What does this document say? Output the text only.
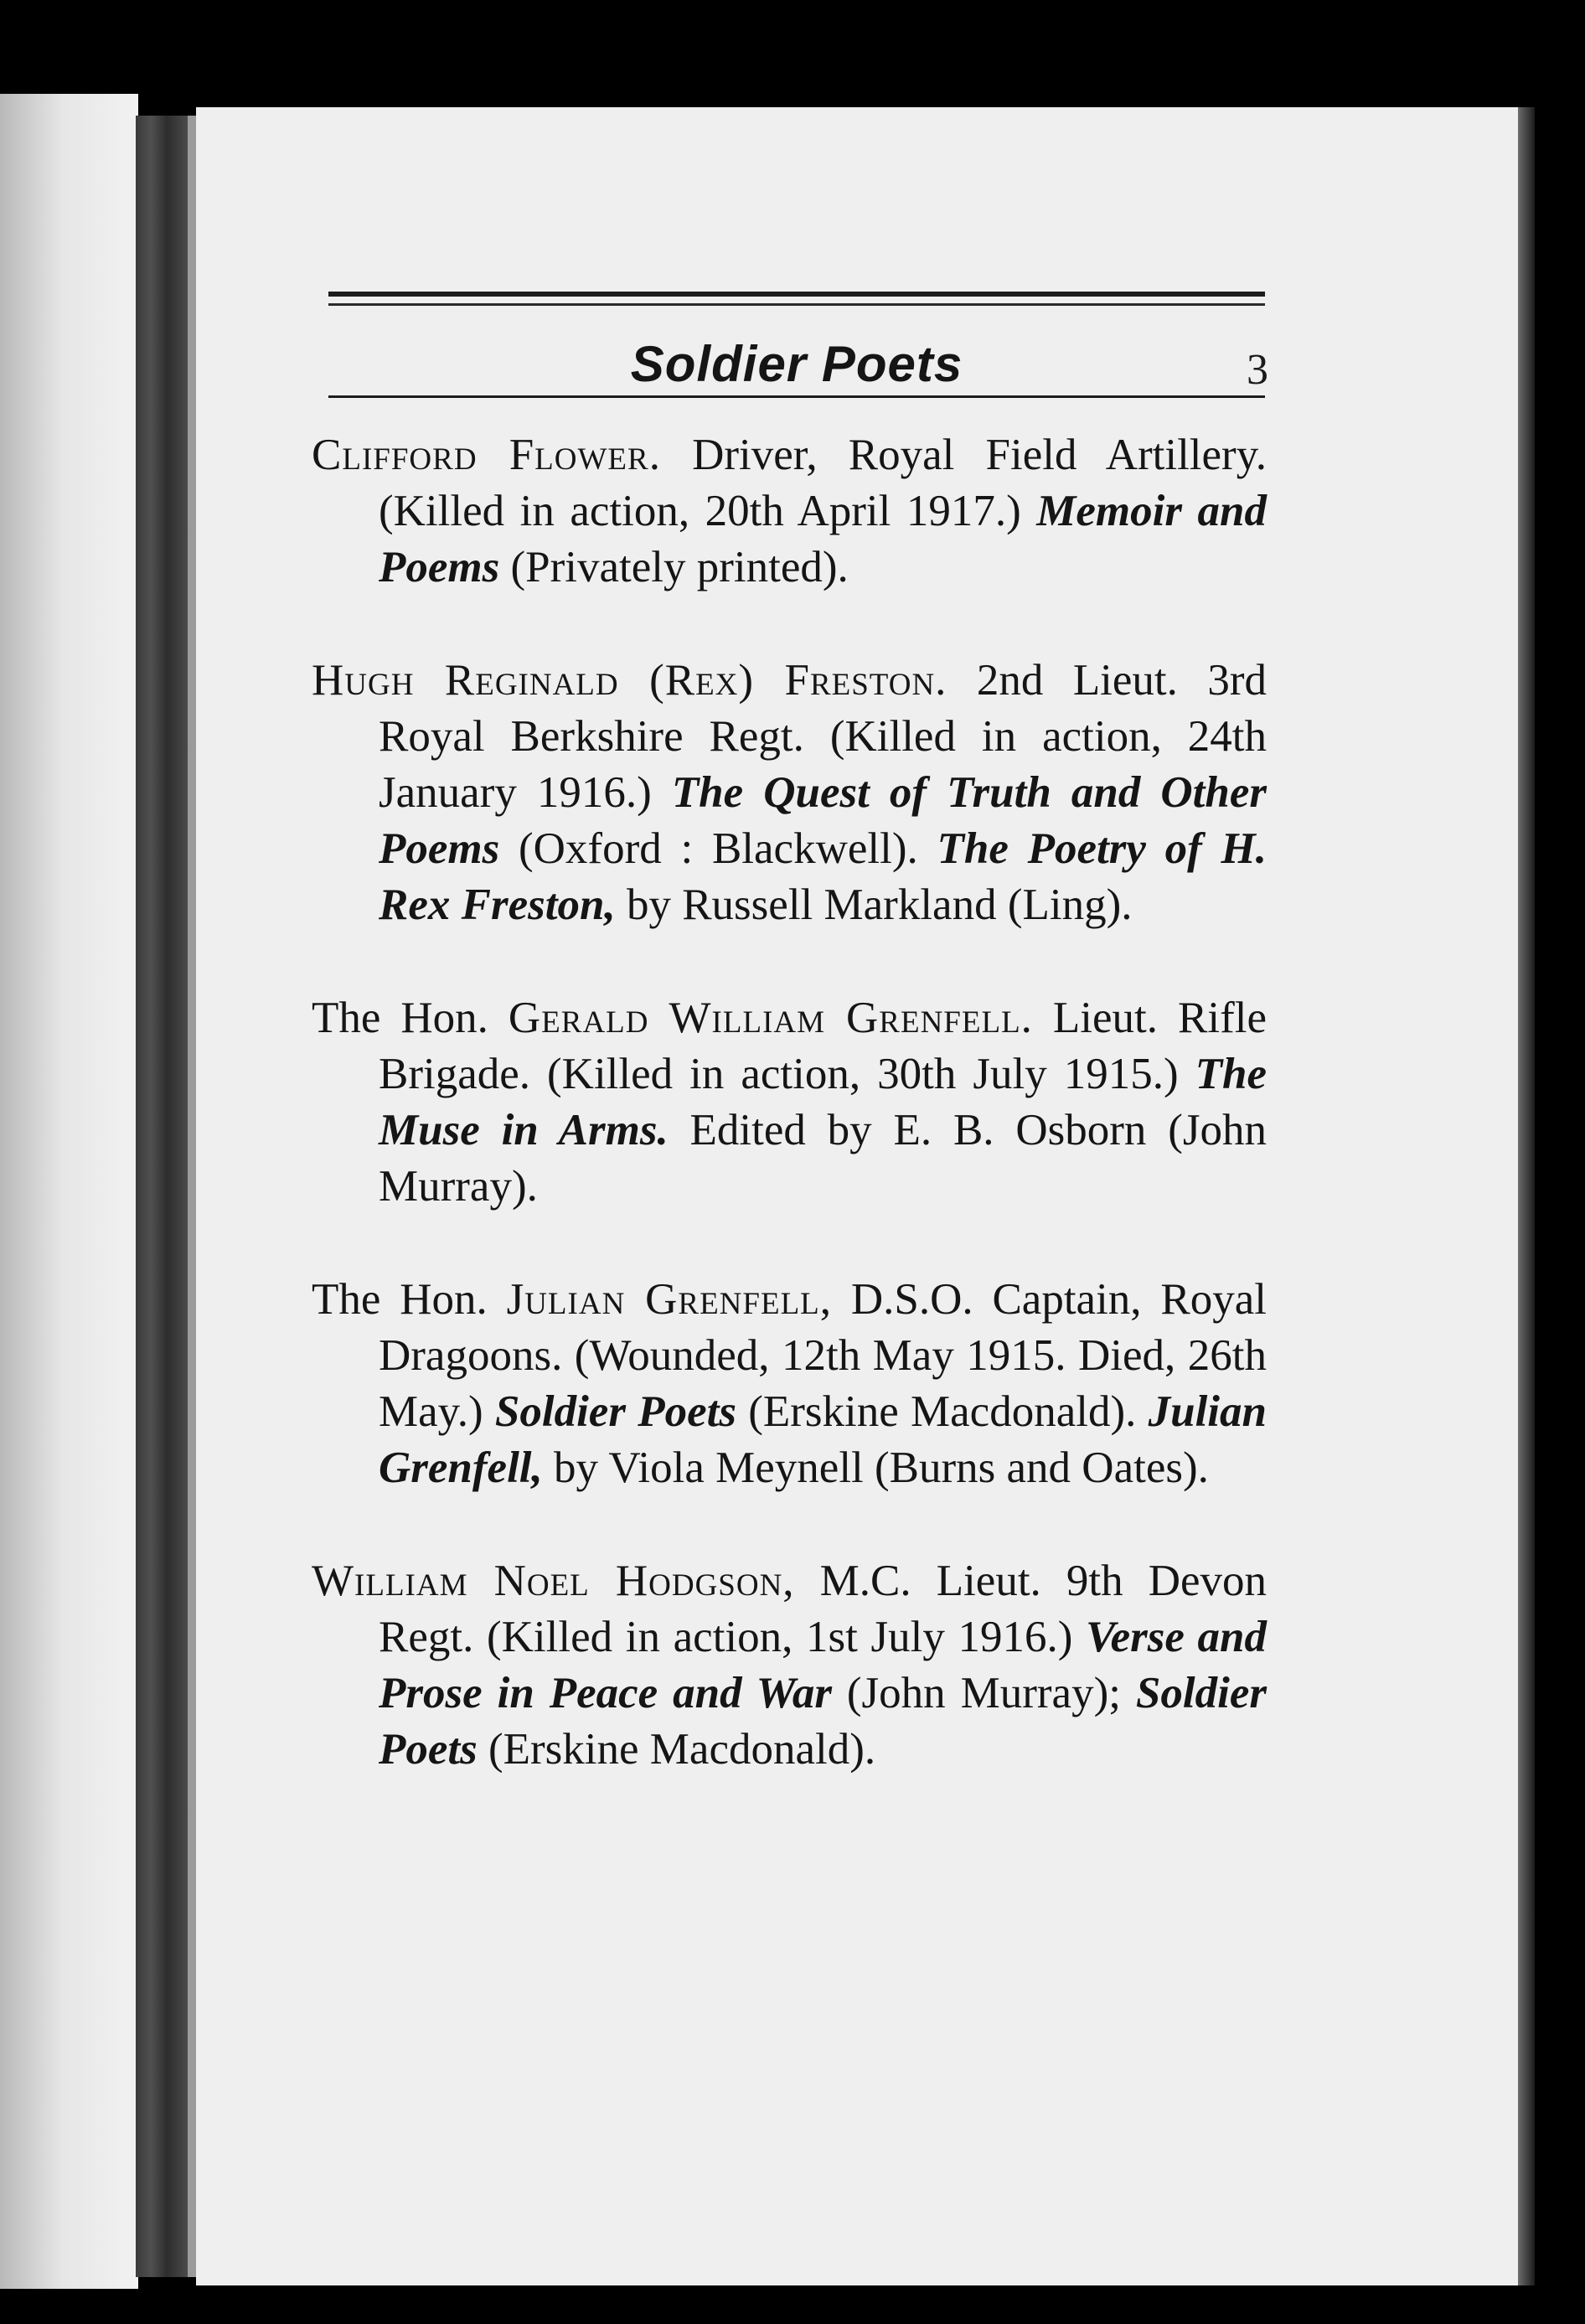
Soldier Poets	3

Clifford Flower. Driver, Royal Field Artillery. (Killed in action, 20th April 1917.) Memoir and Poems (Privately printed).

Hugh Reginald (Rex) Freston. 2nd Lieut. 3rd Royal Berkshire Regt. (Killed in action, 24th January 1916.) The Quest of Truth and Other Poems (Oxford : Blackwell). The Poetry of H. Rex Freston, by Russell Markland (Ling).

The Hon. Gerald William Grenfell. Lieut. Rifle Brigade. (Killed in action, 30th July 1915.) The Muse in Arms. Edited by E. B. Osborn (John Murray).

The Hon. Julian Grenfell, D.S.O. Captain, Royal Dragoons. (Wounded, 12th May 1915. Died, 26th May.) Soldier Poets (Erskine Macdonald). Julian Grenfell, by Viola Meynell (Burns and Oates).

William Noel Hodgson, M.C. Lieut. 9th Devon Regt. (Killed in action, 1st July 1916.) Verse and Prose in Peace and War (John Murray); Soldier Poets (Erskine Macdonald).
